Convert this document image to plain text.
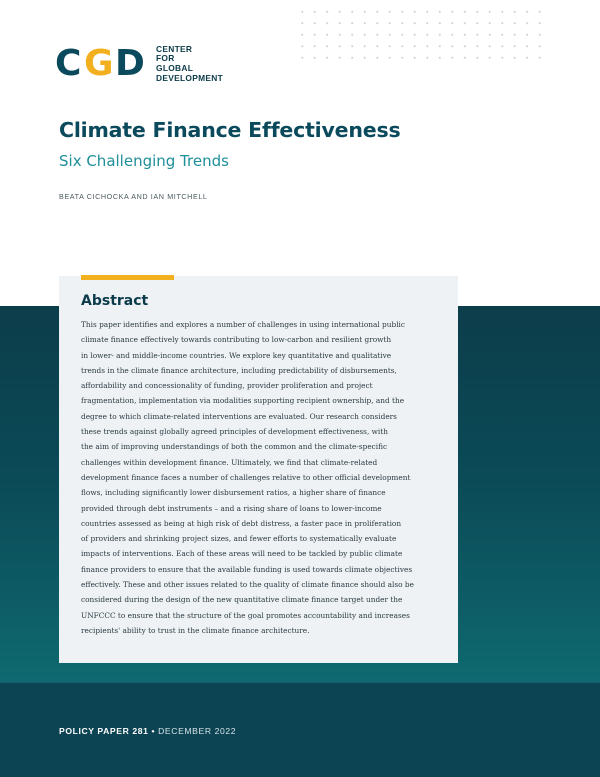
C G D CENTER
FOR
GLOBAL
DEVELOPMENT
Climate Finance Effectiveness
Six Challenging Trends
BEATA CICHOCKA AND IAN MITCHELL
Abstract
This paper identifies and explores a number of challenges in using international public
climate finance effectively towards contributing to low-carbon and resilient growth
in lower- and middle-income countries. We explore key quantitative and qualitative
trends in the climate finance architecture, including predictability of disbursements,
affordability and concessionality of funding, provider proliferation and project
fragmentation, implementation via modalities supporting recipient ownership, and the
degree to which climate-related interventions are evaluated. Our research considers
these trends against globally agreed principles of development effectiveness, with
the aim of improving understandings of both the common and the climate-specific
challenges within development finance. Ultimately, we find that climate-related
development finance faces a number of challenges relative to other official development
flows, including significantly lower disbursement ratios, a higher share of finance
provided through debt instruments – and a rising share of loans to lower-income
countries assessed as being at high risk of debt distress, a faster pace in proliferation
of providers and shrinking project sizes, and fewer efforts to systematically evaluate
impacts of interventions. Each of these areas will need to be tackled by public climate
finance providers to ensure that the available funding is used towards climate objectives
effectively. These and other issues related to the quality of climate finance should also be
considered during the design of the new quantitative climate finance target under the
UNFCCC to ensure that the structure of the goal promotes accountability and increases
recipients' ability to trust in the climate finance architecture.
POLICY PAPER 281 • DECEMBER 2022
